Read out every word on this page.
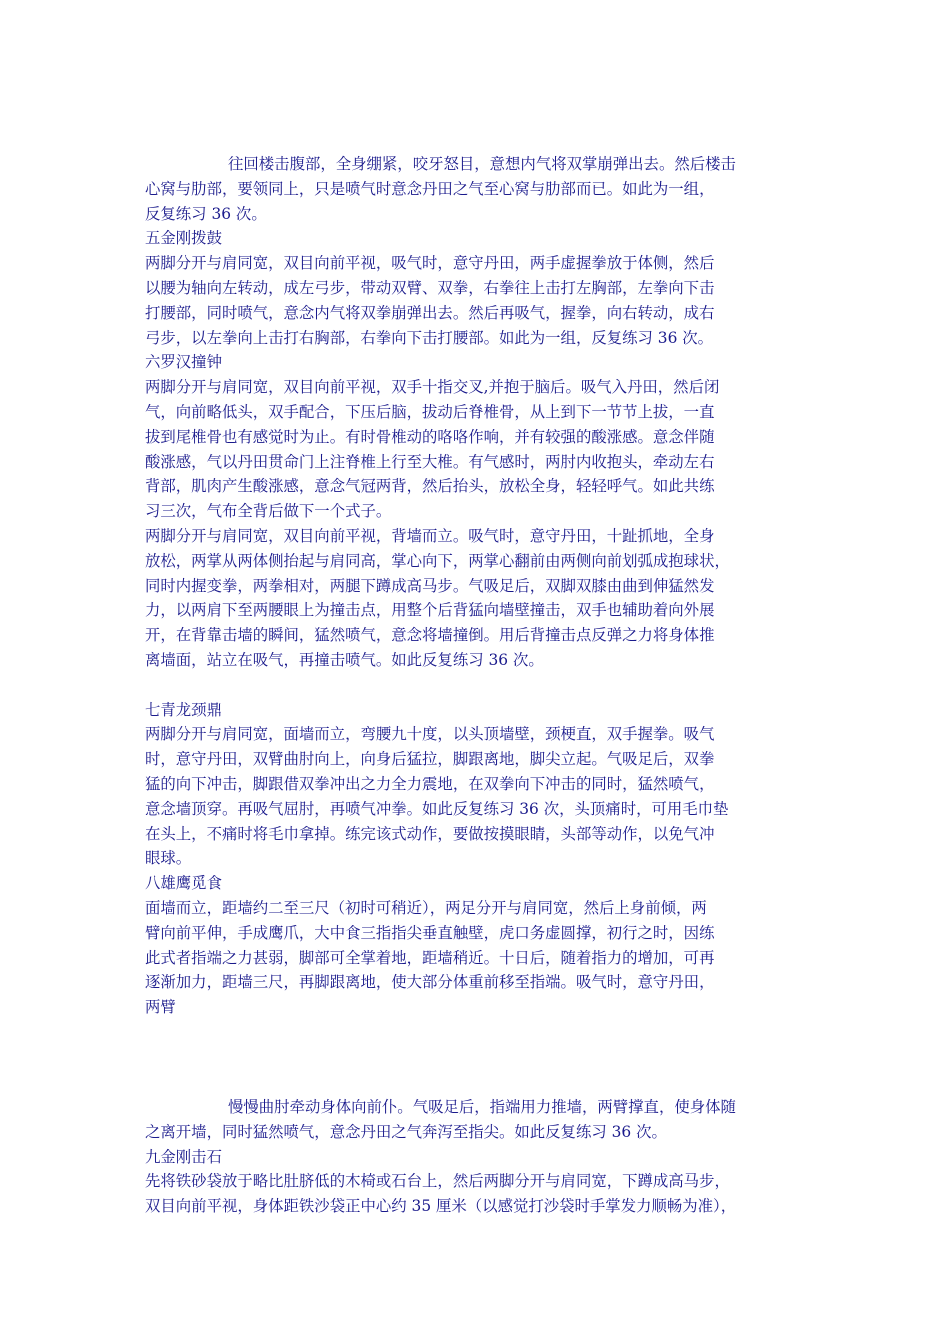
往回楼击腹部，全身绷紧，咬牙怒目，意想内气将双掌崩弹出去。然后楼击
心窝与肋部，要领同上，只是喷气时意念丹田之气至心窝与肋部而已。如此为一组，
反复练习 36 次。
五金刚拨鼓
两脚分开与肩同宽，双目向前平视，吸气时，意守丹田，两手虚握拳放于体侧，然后
以腰为轴向左转动，成左弓步，带动双臂、双拳，右拳往上击打左胸部，左拳向下击
打腰部，同时喷气，意念内气将双拳崩弹出去。然后再吸气，握拳，向右转动，成右
弓步，以左拳向上击打右胸部，右拳向下击打腰部。如此为一组，反复练习 36 次。
六罗汉撞钟
两脚分开与肩同宽，双目向前平视，双手十指交叉,并抱于脑后。吸气入丹田，然后闭
气，向前略低头，双手配合，下压后脑，拔动后脊椎骨，从上到下一节节上拔，一直
拔到尾椎骨也有感觉时为止。有时骨椎动的咯咯作响，并有较强的酸涨感。意念伴随
酸涨感，气以丹田贯命门上注脊椎上行至大椎。有气感时，两肘内收抱头，牵动左右
背部，肌肉产生酸涨感，意念气冠两背，然后抬头，放松全身，轻轻呼气。如此共练
习三次，气布全背后做下一个式子。
两脚分开与肩同宽，双目向前平视，背墙而立。吸气时，意守丹田，十趾抓地，全身
放松，两掌从两体侧抬起与肩同高，掌心向下，两掌心翻前由两侧向前划弧成抱球状，
同时内握变拳，两拳相对，两腿下蹲成高马步。气吸足后，双脚双膝由曲到伸猛然发
力，以两肩下至两腰眼上为撞击点，用整个后背猛向墙壁撞击，双手也辅助着向外展
开，在背靠击墙的瞬间，猛然喷气，意念将墙撞倒。用后背撞击点反弹之力将身体推
离墙面，站立在吸气，再撞击喷气。如此反复练习 36 次。
七青龙颈鼎
两脚分开与肩同宽，面墙而立，弯腰九十度，以头顶墙壁，颈梗直，双手握拳。吸气
时，意守丹田，双臂曲肘向上，向身后猛拉，脚跟离地，脚尖立起。气吸足后，双拳
猛的向下冲击，脚跟借双拳冲出之力全力震地，在双拳向下冲击的同时，猛然喷气，
意念墙顶穿。再吸气屈肘，再喷气冲拳。如此反复练习 36 次，头顶痛时，可用毛巾垫
在头上，不痛时将毛巾拿掉。练完该式动作，要做按摸眼睛，头部等动作，以免气冲
眼球。
八雄鹰觅食
面墙而立，距墙约二至三尺（初时可稍近），两足分开与肩同宽，然后上身前倾，两
臂向前平伸，手成鹰爪，大中食三指指尖垂直触壁，虎口务虚圆撑，初行之时，因练
此式者指端之力甚弱，脚部可全掌着地，距墙稍近。十日后，随着指力的增加，可再
逐渐加力，距墙三尺，再脚跟离地，使大部分体重前移至指端。吸气时，意守丹田，
两臂
慢慢曲肘牵动身体向前仆。气吸足后，指端用力推墙，两臂撑直，使身体随
之离开墙，同时猛然喷气，意念丹田之气奔泻至指尖。如此反复练习 36 次。
九金刚击石
先将铁砂袋放于略比肚脐低的木椅或石台上，然后两脚分开与肩同宽，下蹲成高马步，
双目向前平视，身体距铁沙袋正中心约 35 厘米（以感觉打沙袋时手掌发力顺畅为准），
